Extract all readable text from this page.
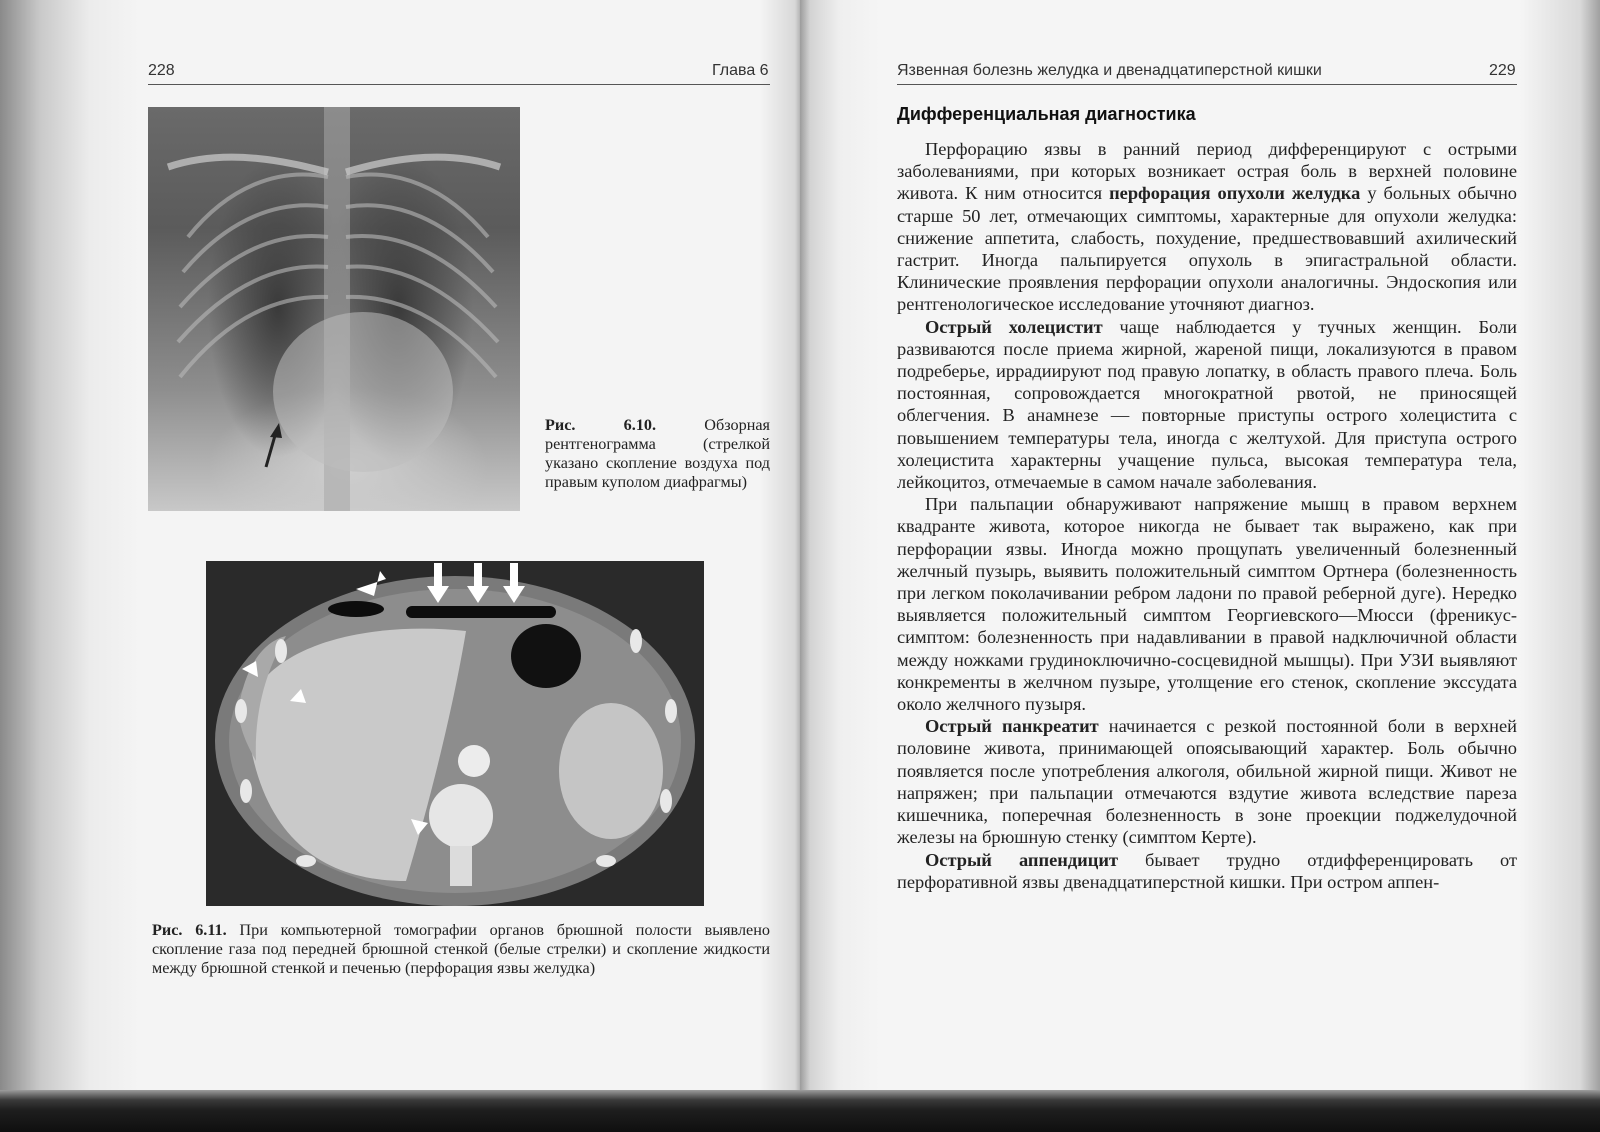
228	Глава 6
Рис. 6.10.	Обзорная рентгенограмма (стрелкой указано скопление воздуха под правым куполом диафрагмы)
Рис. 6.11. При компьютерной томографии органов брюшной полости выявлено скопление газа под передней брюшной стенкой (белые стрелки) и скопление жидкости между брюшной стенкой и печенью (перфорация язвы желудка)
Язвенная болезнь желудка и двенадцатиперстной кишки	229
Дифференциальная диагностика

Перфорацию язвы в ранний период дифференцируют с острыми заболеваниями, при которых возникает острая боль в верхней половине живота. К ним относится перфорация опухоли желудка у больных обычно старше 50 лет, отмечающих симптомы, характерные для опухоли желудка: снижение аппетита, слабость, похудение, предшествовавший ахилический гастрит. Иногда пальпируется опухоль в эпигастральной области. Клинические проявления перфорации опухоли аналогичны. Эндоскопия или рентгенологическое исследование уточняют диагноз.

Острый холецистит чаще наблюдается у тучных женщин. Боли развиваются после приема жирной, жареной пищи, локализуются в правом подреберье, иррадиируют под правую лопатку, в область правого плеча. Боль постоянная, сопровождается многократной рвотой, не приносящей облегчения. В анамнезе — повторные приступы острого холецистита с повышением температуры тела, иногда с желтухой. Для приступа острого холецистита характерны учащение пульса, высокая температура тела, лейкоцитоз, отмечаемые в самом начале заболевания.

При пальпации обнаруживают напряжение мышц в правом верхнем квадранте живота, которое никогда не бывает так выражено, как при перфорации язвы. Иногда можно прощупать увеличенный болезненный желчный пузырь, выявить положительный симптом Ортнера (болезненность при легком поколачивании ребром ладони по правой реберной дуге). Нередко выявляется положительный симптом Георгиевского—Мюсси (френикус-симптом: болезненность при надавливании в правой надключичной области между ножками грудиноключично-сосцевидной мышцы). При УЗИ выявляют конкременты в желчном пузыре, утолщение его стенок, скопление экссудата около желчного пузыря.

Острый панкреатит начинается с резкой постоянной боли в верхней половине живота, принимающей опоясывающий характер. Боль обычно появляется после употребления алкоголя, обильной жирной пищи. Живот не напряжен; при пальпации отмечаются вздутие живота вследствие пареза кишечника, поперечная болезненность в зоне проекции поджелудочной железы на брюшную стенку (симптом Керте).

Острый аппендицит бывает трудно отдифференцировать от перфоративной язвы двенадцатиперстной кишки. При остром аппен-
